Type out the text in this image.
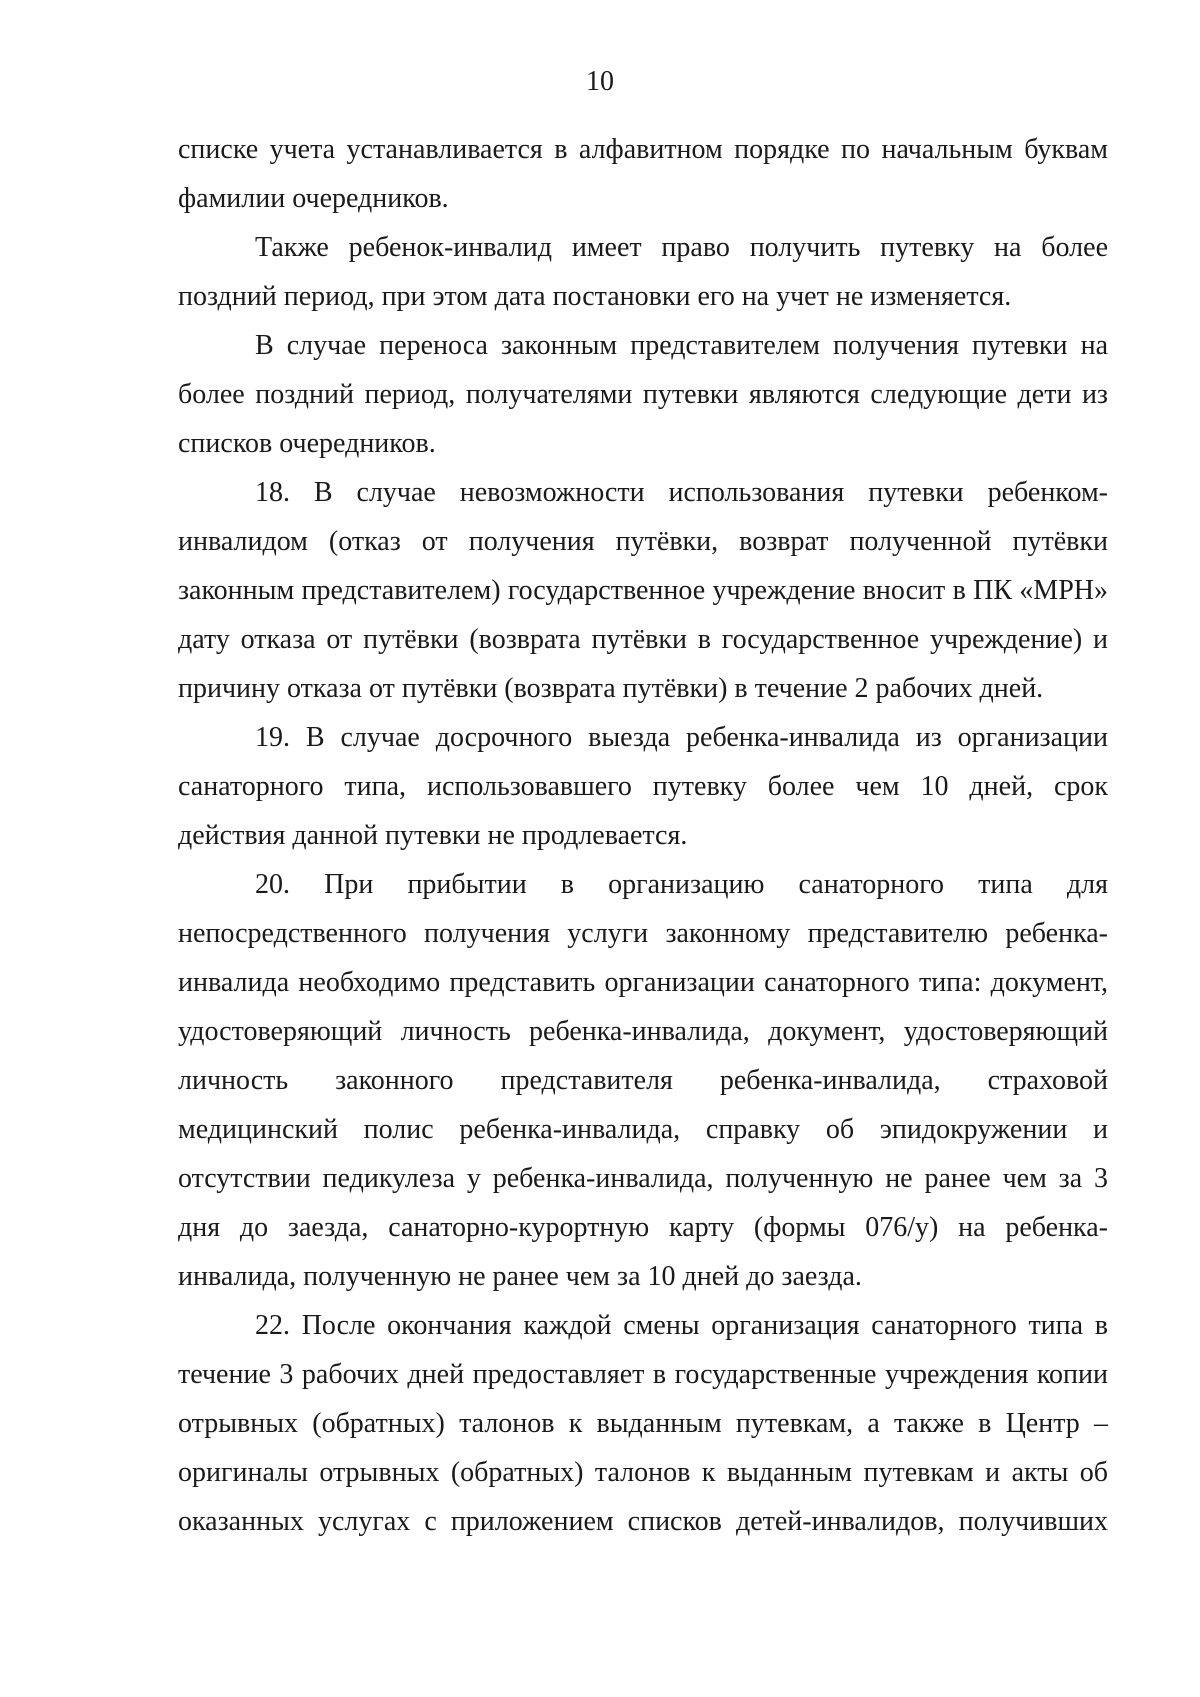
10

списке учета устанавливается в алфавитном порядке по начальным буквам фамилии очередников.

Также ребенок-инвалид имеет право получить путевку на более поздний период, при этом дата постановки его на учет не изменяется.

В случае переноса законным представителем получения путевки на более поздний период, получателями путевки являются следующие дети из списков очередников.

18. В случае невозможности использования путевки ребенком-инвалидом (отказ от получения путёвки, возврат полученной путёвки законным представителем) государственное учреждение вносит в ПК «МРН» дату отказа от путёвки (возврата путёвки в государственное учреждение) и причину отказа от путёвки (возврата путёвки) в течение 2 рабочих дней.

19. В случае досрочного выезда ребенка-инвалида из организации санаторного типа, использовавшего путевку более чем 10 дней, срок действия данной путевки не продлевается.

20. При прибытии в организацию санаторного типа для непосредственного получения услуги законному представителю ребенка-инвалида необходимо представить организации санаторного типа: документ, удостоверяющий личность ребенка-инвалида, документ, удостоверяющий личность законного представителя ребенка-инвалида, страховой медицинский полис ребенка-инвалида, справку об эпидокружении и отсутствии педикулеза у ребенка-инвалида, полученную не ранее чем за 3 дня до заезда, санаторно-курортную карту (формы 076/у) на ребенка-инвалида, полученную не ранее чем за 10 дней до заезда.

22. После окончания каждой смены организация санаторного типа в течение 3 рабочих дней предоставляет в государственные учреждения копии отрывных (обратных) талонов к выданным путевкам, а также в Центр – оригиналы отрывных (обратных) талонов к выданным путевкам и акты об оказанных услугах с приложением списков детей-инвалидов, получивших
